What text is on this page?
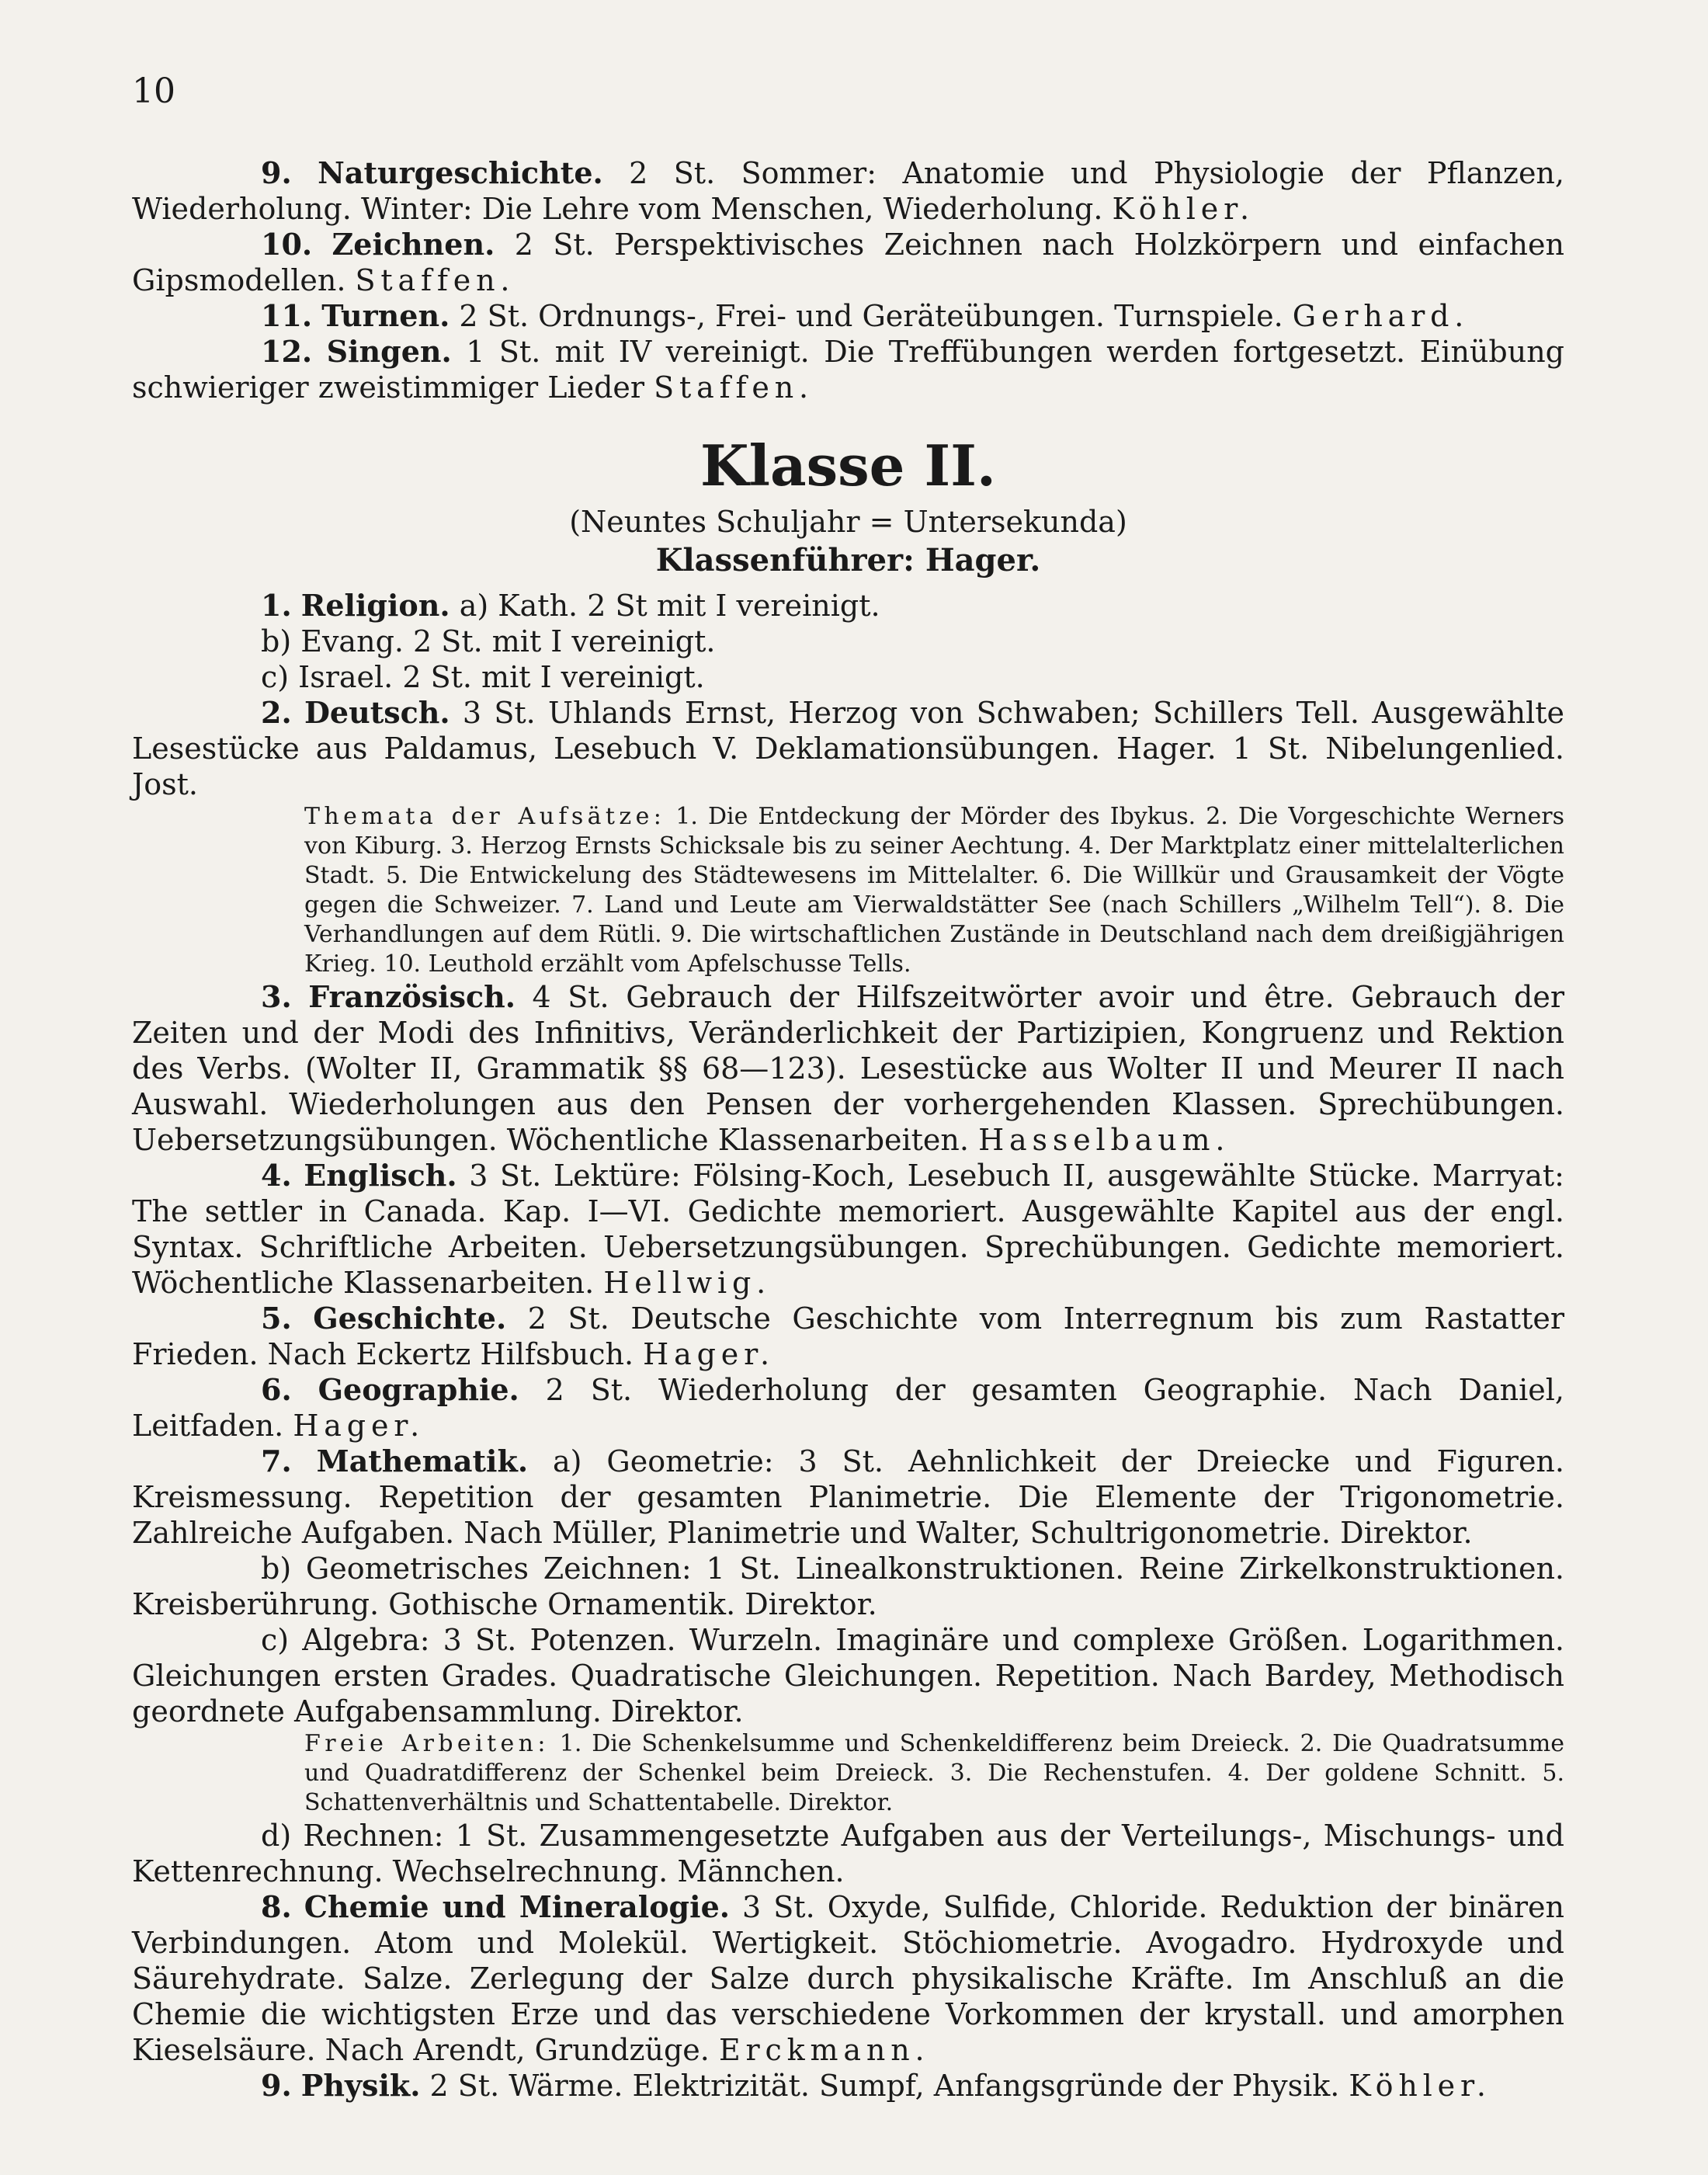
10

9. Naturgeschichte. 2 St. Sommer: Anatomie und Physiologie der Pflanzen, Wiederholung. Winter: Die Lehre vom Menschen, Wiederholung. Köhler.

10. Zeichnen. 2 St. Perspektivisches Zeichnen nach Holzkörpern und einfachen Gipsmodellen. Staffen.

11. Turnen. 2 St. Ordnungs-, Frei- und Geräteübungen. Turnspiele. Gerhard.

12. Singen. 1 St. mit IV vereinigt. Die Treffübungen werden fortgesetzt. Einübung schwieriger zweistimmiger Lieder Staffen.

Klasse II.
(Neuntes Schuljahr = Untersekunda)
Klassenführer: Hager.

1. Religion. a) Kath. 2 St mit I vereinigt.

b) Evang. 2 St. mit I vereinigt.

c) Israel. 2 St. mit I vereinigt.

2. Deutsch. 3 St. Uhlands Ernst, Herzog von Schwaben; Schillers Tell. Ausgewählte Lesestücke aus Paldamus, Lesebuch V. Deklamationsübungen. Hager. 1 St. Nibelungenlied. Jost.

Themata der Aufsätze: 1. Die Entdeckung der Mörder des Ibykus. 2. Die Vorgeschichte Werners von Kiburg. 3. Herzog Ernsts Schicksale bis zu seiner Aechtung. 4. Der Marktplatz einer mittelalterlichen Stadt. 5. Die Entwickelung des Städtewesens im Mittelalter. 6. Die Willkür und Grausamkeit der Vögte gegen die Schweizer. 7. Land und Leute am Vierwaldstätter See (nach Schillers „Wilhelm Tell“). 8. Die Verhandlungen auf dem Rütli. 9. Die wirtschaftlichen Zustände in Deutschland nach dem dreißigjährigen Krieg. 10. Leuthold erzählt vom Apfelschusse Tells.

3. Französisch. 4 St. Gebrauch der Hilfszeitwörter avoir und être. Gebrauch der Zeiten und der Modi des Infinitivs, Veränderlichkeit der Partizipien, Kongruenz und Rektion des Verbs. (Wolter II, Grammatik §§ 68—123). Lesestücke aus Wolter II und Meurer II nach Auswahl. Wiederholungen aus den Pensen der vorhergehenden Klassen. Sprechübungen. Uebersetzungsübungen. Wöchentliche Klassenarbeiten. Hasselbaum.

4. Englisch. 3 St. Lektüre: Fölsing-Koch, Lesebuch II, ausgewählte Stücke. Marryat: The settler in Canada. Kap. I—VI. Gedichte memoriert. Ausgewählte Kapitel aus der engl. Syntax. Schriftliche Arbeiten. Uebersetzungsübungen. Sprechübungen. Gedichte memoriert. Wöchentliche Klassenarbeiten. Hellwig.

5. Geschichte. 2 St. Deutsche Geschichte vom Interregnum bis zum Rastatter Frieden. Nach Eckertz Hilfsbuch. Hager.

6. Geographie. 2 St. Wiederholung der gesamten Geographie. Nach Daniel, Leitfaden. Hager.

7. Mathematik. a) Geometrie: 3 St. Aehnlichkeit der Dreiecke und Figuren. Kreismessung. Repetition der gesamten Planimetrie. Die Elemente der Trigonometrie. Zahlreiche Aufgaben. Nach Müller, Planimetrie und Walter, Schultrigonometrie. Direktor.

b) Geometrisches Zeichnen: 1 St. Linealkonstruktionen. Reine Zirkelkonstruktionen. Kreisberührung. Gothische Ornamentik. Direktor.

c) Algebra: 3 St. Potenzen. Wurzeln. Imaginäre und complexe Größen. Logarithmen. Gleichungen ersten Grades. Quadratische Gleichungen. Repetition. Nach Bardey, Methodisch geordnete Aufgabensammlung. Direktor.

Freie Arbeiten: 1. Die Schenkelsumme und Schenkeldifferenz beim Dreieck. 2. Die Quadratsumme und Quadratdifferenz der Schenkel beim Dreieck. 3. Die Rechenstufen. 4. Der goldene Schnitt. 5. Schattenverhältnis und Schattentabelle. Direktor.

d) Rechnen: 1 St. Zusammengesetzte Aufgaben aus der Verteilungs-, Mischungs- und Kettenrechnung. Wechselrechnung. Männchen.

8. Chemie und Mineralogie. 3 St. Oxyde, Sulfide, Chloride. Reduktion der binären Verbindungen. Atom und Molekül. Wertigkeit. Stöchiometrie. Avogadro. Hydroxyde und Säurehydrate. Salze. Zerlegung der Salze durch physikalische Kräfte. Im Anschluß an die Chemie die wichtigsten Erze und das verschiedene Vorkommen der krystall. und amorphen Kieselsäure. Nach Arendt, Grundzüge. Erckmann.

9. Physik. 2 St. Wärme. Elektrizität. Sumpf, Anfangsgründe der Physik. Köhler.
